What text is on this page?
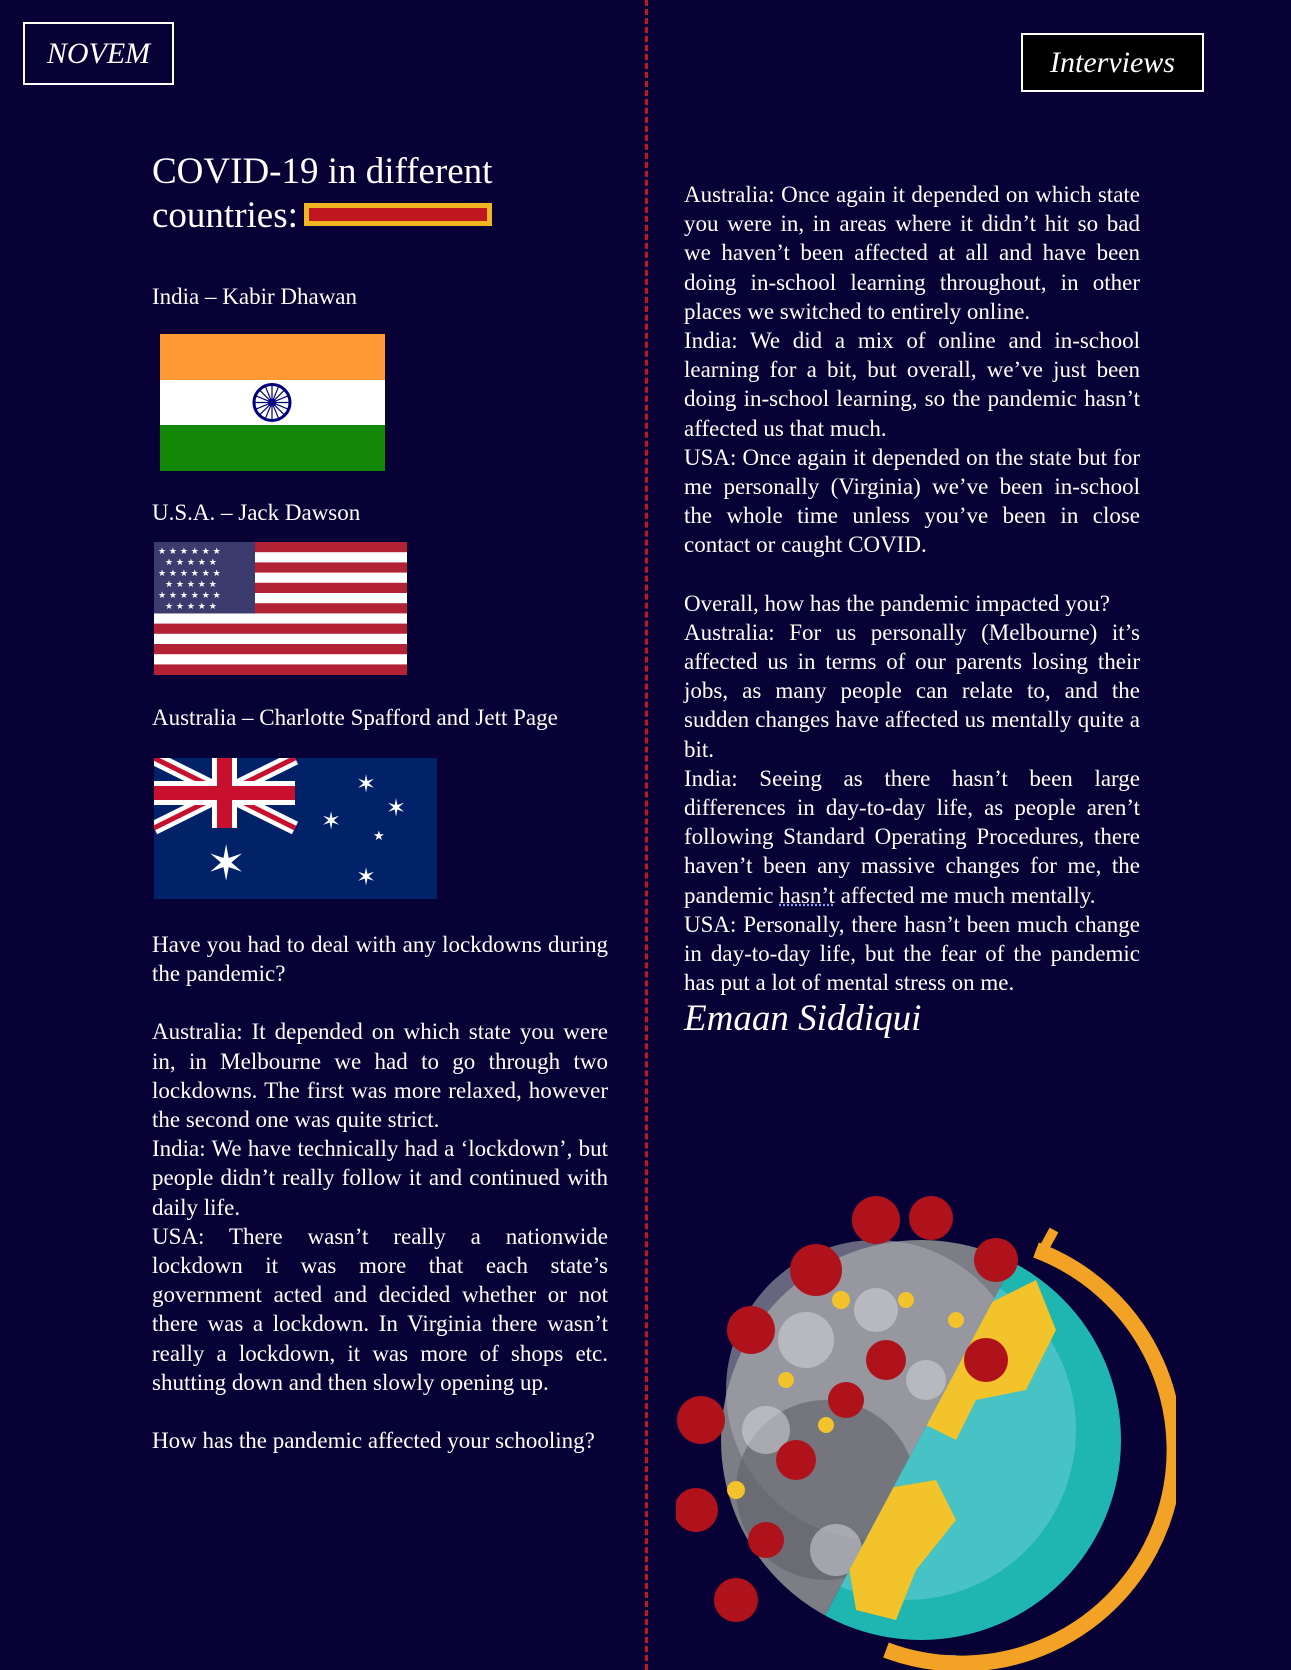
NOVEM	Interviews
COVID-19 in different
countries:
India – Kabir Dhawan
U.S.A. – Jack Dawson
★ ★ ★ ★ ★ ★
★ ★ ★ ★ ★
★ ★ ★ ★ ★ ★
★ ★ ★ ★ ★
★ ★ ★ ★ ★ ★
★ ★ ★ ★ ★
Australia – Charlotte Spafford and Jett Page
✶
✶
✶ ✶
★
✶

Have you had to deal with any lockdowns during the pandemic?

Australia: It depended on which state you were in, in Melbourne we had to go through two lockdowns. The first was more relaxed, however the second one was quite strict.

India: We have technically had a ‘lockdown’, but people didn’t really follow it and continued with daily life.

USA: There wasn’t really a nationwide lockdown it was more that each state’s government acted and decided whether or not there was a lockdown. In Virginia there wasn’t really a lockdown, it was more of shops etc. shutting down and then slowly opening up.

How has the pandemic affected your schooling?

Australia: Once again it depended on which state you were in, in areas where it didn’t hit so bad we haven’t been affected at all and have been doing in-school learning throughout, in other places we switched to entirely online.

India: We did a mix of online and in-school learning for a bit, but overall, we’ve just been doing in-school learning, so the pandemic hasn’t affected us that much.

USA: Once again it depended on the state but for me personally (Virginia) we’ve been in-school the whole time unless you’ve been in close contact or caught COVID.

Overall, how has the pandemic impacted you?

Australia: For us personally (Melbourne) it’s affected us in terms of our parents losing their jobs, as many people can relate to, and the sudden changes have affected us mentally quite a bit.

India: Seeing as there hasn’t been large differences in day-to-day life, as people aren’t following Standard Operating Procedures, there haven’t been any massive changes for me, the pandemic hasn’t affected me much mentally.

USA: Personally, there hasn’t been much change in day-to-day life, but the fear of the pandemic has put a lot of mental stress on me.

Emaan Siddiqui
